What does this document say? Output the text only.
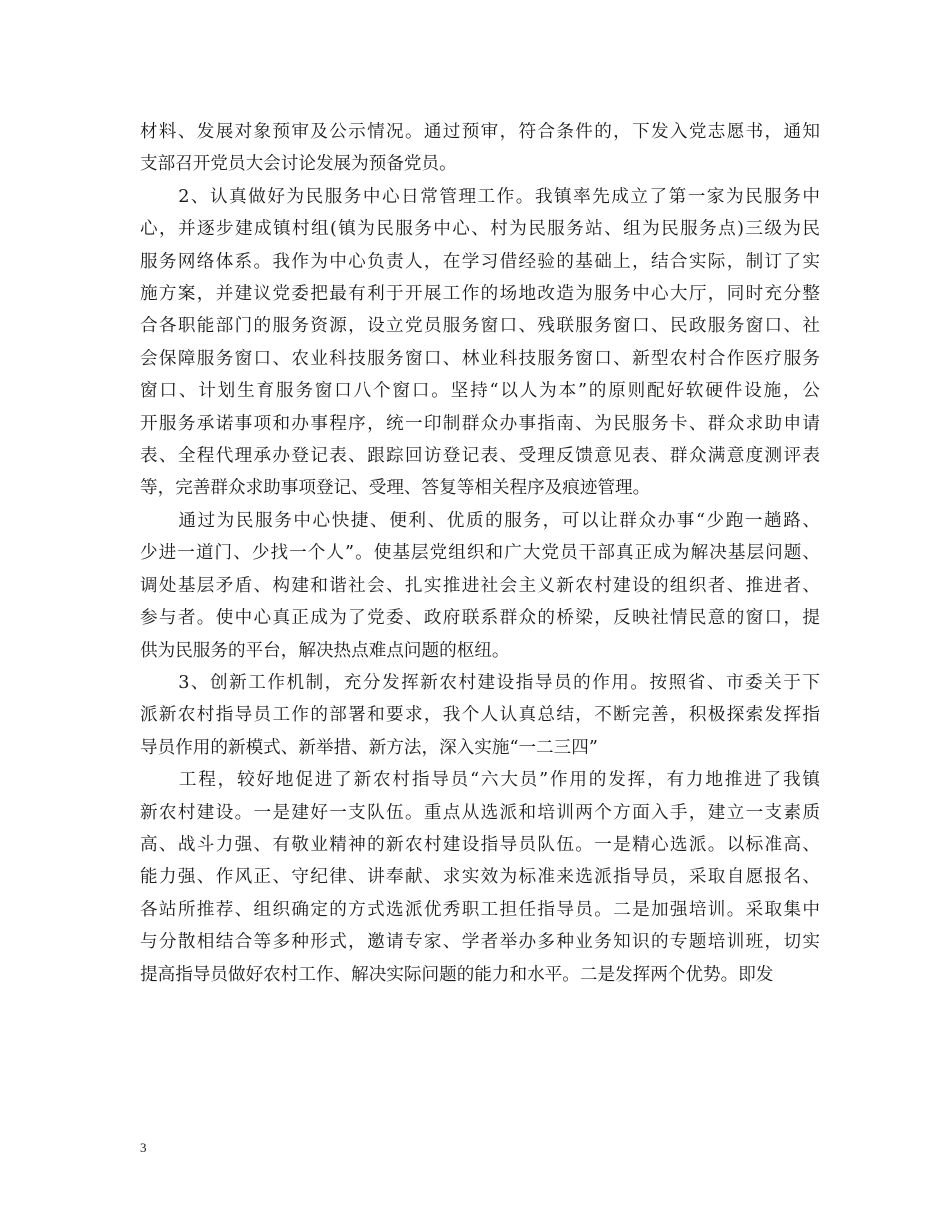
材料、发展对象预审及公示情况。通过预审，符合条件的，下发入党志愿书，通知
支部召开党员大会讨论发展为预备党员。

　　2、认真做好为民服务中心日常管理工作。我镇率先成立了第一家为民服务中
心，并逐步建成镇村组(镇为民服务中心、村为民服务站、组为民服务点)三级为民
服务网络体系。我作为中心负责人，在学习借经验的基础上，结合实际，制订了实
施方案，并建议党委把最有利于开展工作的场地改造为服务中心大厅，同时充分整
合各职能部门的服务资源，设立党员服务窗口、残联服务窗口、民政服务窗口、社
会保障服务窗口、农业科技服务窗口、林业科技服务窗口、新型农村合作医疗服务
窗口、计划生育服务窗口八个窗口。坚持“以人为本”的原则配好软硬件设施，公
开服务承诺事项和办事程序，统一印制群众办事指南、为民服务卡、群众求助申请
表、全程代理承办登记表、跟踪回访登记表、受理反馈意见表、群众满意度测评表
等，完善群众求助事项登记、受理、答复等相关程序及痕迹管理。

　　通过为民服务中心快捷、便利、优质的服务，可以让群众办事“少跑一趟路、
少进一道门、少找一个人”。使基层党组织和广大党员干部真正成为解决基层问题、
调处基层矛盾、构建和谐社会、扎实推进社会主义新农村建设的组织者、推进者、
参与者。使中心真正成为了党委、政府联系群众的桥梁，反映社情民意的窗口，提
供为民服务的平台，解决热点难点问题的枢纽。

　　3、创新工作机制，充分发挥新农村建设指导员的作用。按照省、市委关于下
派新农村指导员工作的部署和要求，我个人认真总结，不断完善，积极探索发挥指
导员作用的新模式、新举措、新方法，深入实施“一二三四”

　　工程，较好地促进了新农村指导员“六大员”作用的发挥，有力地推进了我镇
新农村建设。一是建好一支队伍。重点从选派和培训两个方面入手，建立一支素质
高、战斗力强、有敬业精神的新农村建设指导员队伍。一是精心选派。以标准高、
能力强、作风正、守纪律、讲奉献、求实效为标准来选派指导员，采取自愿报名、
各站所推荐、组织确定的方式选派优秀职工担任指导员。二是加强培训。采取集中
与分散相结合等多种形式，邀请专家、学者举办多种业务知识的专题培训班，切实
提高指导员做好农村工作、解决实际问题的能力和水平。二是发挥两个优势。即发

3
